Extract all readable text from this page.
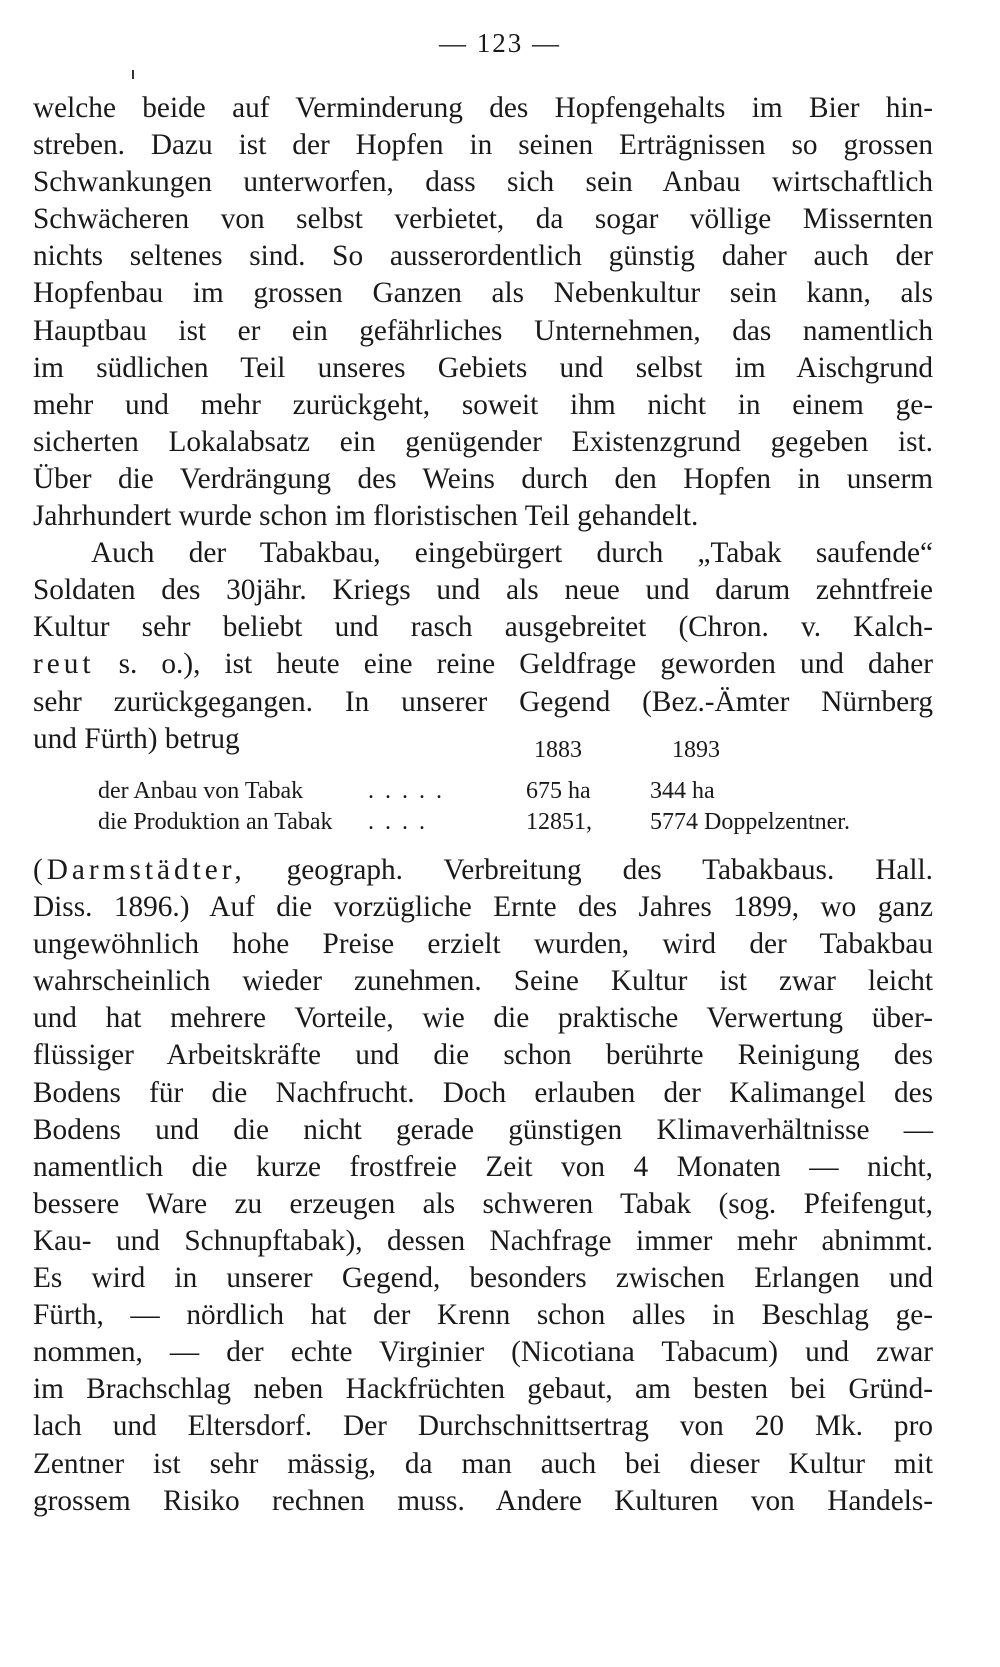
— 123 —
welche beide auf Verminderung des Hopfengehalts im Bier hin-
streben. Dazu ist der Hopfen in seinen Erträgnissen so grossen
Schwankungen unterworfen, dass sich sein Anbau wirtschaftlich
Schwächeren von selbst verbietet, da sogar völlige Missernten
nichts seltenes sind. So ausserordentlich günstig daher auch der
Hopfenbau im grossen Ganzen als Nebenkultur sein kann, als
Hauptbau ist er ein gefährliches Unternehmen, das namentlich
im südlichen Teil unseres Gebiets und selbst im Aischgrund
mehr und mehr zurückgeht, soweit ihm nicht in einem ge-
sicherten Lokalabsatz ein genügender Existenzgrund gegeben ist.
Über die Verdrängung des Weins durch den Hopfen in unserm
Jahrhundert wurde schon im floristischen Teil gehandelt.
Auch der Tabakbau, eingebürgert durch „Tabak saufende“
Soldaten des 30jähr. Kriegs und als neue und darum zehntfreie
Kultur sehr beliebt und rasch ausgebreitet (Chron. v. Kalch-
reut s. o.), ist heute eine reine Geldfrage geworden und daher
sehr zurückgegangen. In unserer Gegend (Bez.-Ämter Nürnberg
und Fürth) betrug	1883	1893
der Anbau von Tabak	.....	675 ha 344 ha
die Produktion an Tabak ....	12851, 5774 Doppelzentner.
(Darmstädter, geograph. Verbreitung des Tabakbaus. Hall.
Diss. 1896.) Auf die vorzügliche Ernte des Jahres 1899, wo ganz
ungewöhnlich hohe Preise erzielt wurden, wird der Tabakbau
wahrscheinlich wieder zunehmen. Seine Kultur ist zwar leicht
und hat mehrere Vorteile, wie die praktische Verwertung über-
flüssiger Arbeitskräfte und die schon berührte Reinigung des
Bodens für die Nachfrucht. Doch erlauben der Kalimangel des
Bodens und die nicht gerade günstigen Klimaverhältnisse —
namentlich die kurze frostfreie Zeit von 4 Monaten — nicht,
bessere Ware zu erzeugen als schweren Tabak (sog. Pfeifengut,
Kau- und Schnupftabak), dessen Nachfrage immer mehr abnimmt.
Es wird in unserer Gegend, besonders zwischen Erlangen und
Fürth, — nördlich hat der Krenn schon alles in Beschlag ge-
nommen, — der echte Virginier (Nicotiana Tabacum) und zwar
im Brachschlag neben Hackfrüchten gebaut, am besten bei Gründ-
lach und Eltersdorf. Der Durchschnittsertrag von 20 Mk. pro
Zentner ist sehr mässig, da man auch bei dieser Kultur mit
grossem Risiko rechnen muss. Andere Kulturen von Handels-
